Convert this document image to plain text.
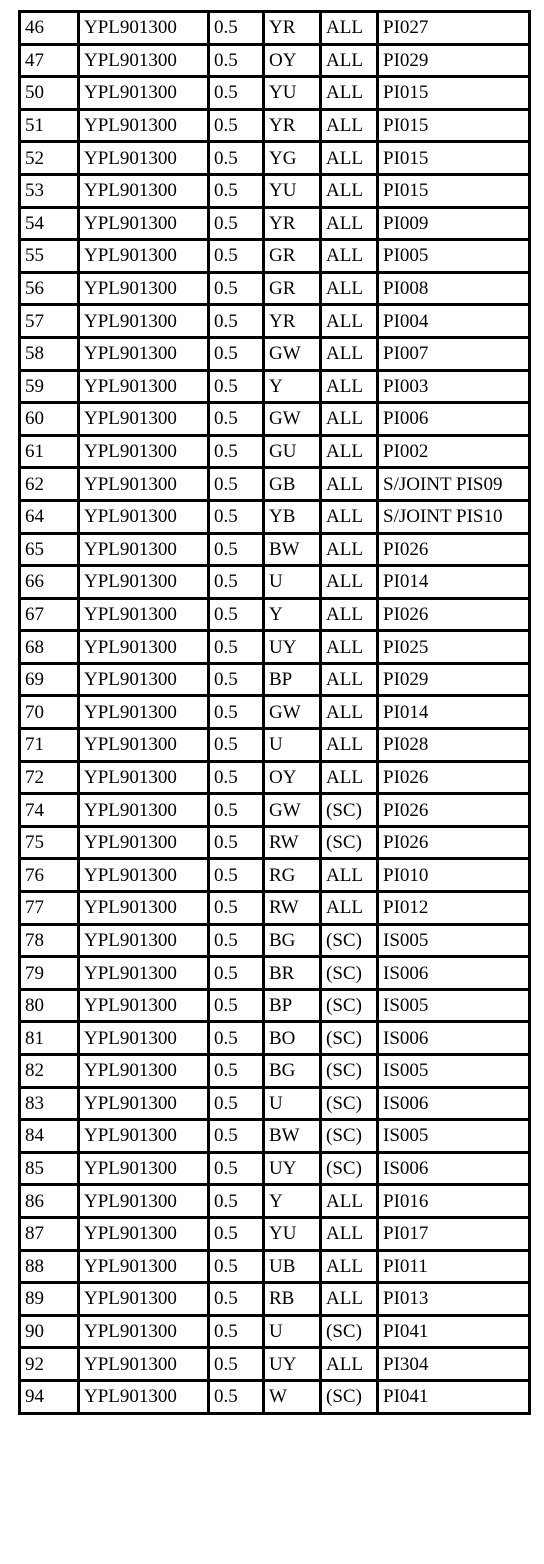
46	YPL901300	0.5	YR	ALL	PI027
47	YPL901300	0.5	OY	ALL	PI029
50	YPL901300	0.5	YU	ALL	PI015
51	YPL901300	0.5	YR	ALL	PI015
52	YPL901300	0.5	YG	ALL	PI015
53	YPL901300	0.5	YU	ALL	PI015
54	YPL901300	0.5	YR	ALL	PI009
55	YPL901300	0.5	GR	ALL	PI005
56	YPL901300	0.5	GR	ALL	PI008
57	YPL901300	0.5	YR	ALL	PI004
58	YPL901300	0.5	GW	ALL	PI007
59	YPL901300	0.5	Y	ALL	PI003
60	YPL901300	0.5	GW	ALL	PI006
61	YPL901300	0.5	GU	ALL	PI002
62	YPL901300	0.5	GB	ALL	S/JOINT PIS09
64	YPL901300	0.5	YB	ALL	S/JOINT PIS10
65	YPL901300	0.5	BW	ALL	PI026
66	YPL901300	0.5	U	ALL	PI014
67	YPL901300	0.5	Y	ALL	PI026
68	YPL901300	0.5	UY	ALL	PI025
69	YPL901300	0.5	BP	ALL	PI029
70	YPL901300	0.5	GW	ALL	PI014
71	YPL901300	0.5	U	ALL	PI028
72	YPL901300	0.5	OY	ALL	PI026
74	YPL901300	0.5	GW	(SC)	PI026
75	YPL901300	0.5	RW	(SC)	PI026
76	YPL901300	0.5	RG	ALL	PI010
77	YPL901300	0.5	RW	ALL	PI012
78	YPL901300	0.5	BG	(SC)	IS005
79	YPL901300	0.5	BR	(SC)	IS006
80	YPL901300	0.5	BP	(SC)	IS005
81	YPL901300	0.5	BO	(SC)	IS006
82	YPL901300	0.5	BG	(SC)	IS005
83	YPL901300	0.5	U	(SC)	IS006
84	YPL901300	0.5	BW	(SC)	IS005
85	YPL901300	0.5	UY	(SC)	IS006
86	YPL901300	0.5	Y	ALL	PI016
87	YPL901300	0.5	YU	ALL	PI017
88	YPL901300	0.5	UB	ALL	PI011
89	YPL901300	0.5	RB	ALL	PI013
90	YPL901300	0.5	U	(SC)	PI041
92	YPL901300	0.5	UY	ALL	PI304
94	YPL901300	0.5	W	(SC)	PI041
